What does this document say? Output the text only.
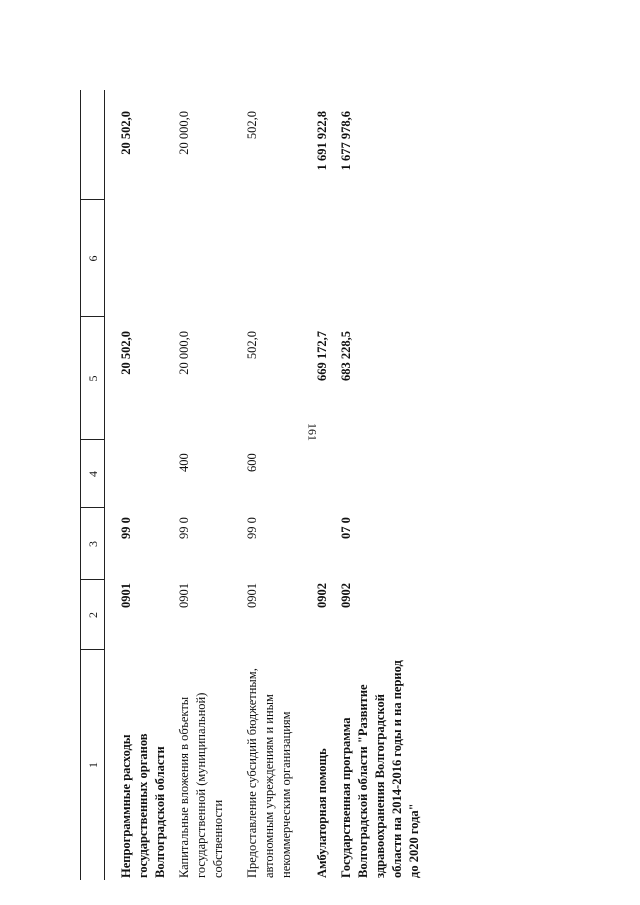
161
1
2
3
4
5
6
Непрограммные расходы государственных органов Волгоградской области
0901
99 0
20 502,0
20 502,0
Капитальные вложения в объекты государственной (муниципальной) собственности
0901
99 0
400
20 000,0
20 000,0
Предоставление субсидий бюджетным, автономным учреждениям и иным некоммерческим организациям
0901
99 0
600
502,0
502,0
Амбулаторная помощь
0902
669 172,7
1 691 922,8
Государственная программа Волгоградской области "Развитие здравоохранения Волгоградской области на 2014-2016 годы и на период до 2020 года"
0902
07 0
683 228,5
1 677 978,6
